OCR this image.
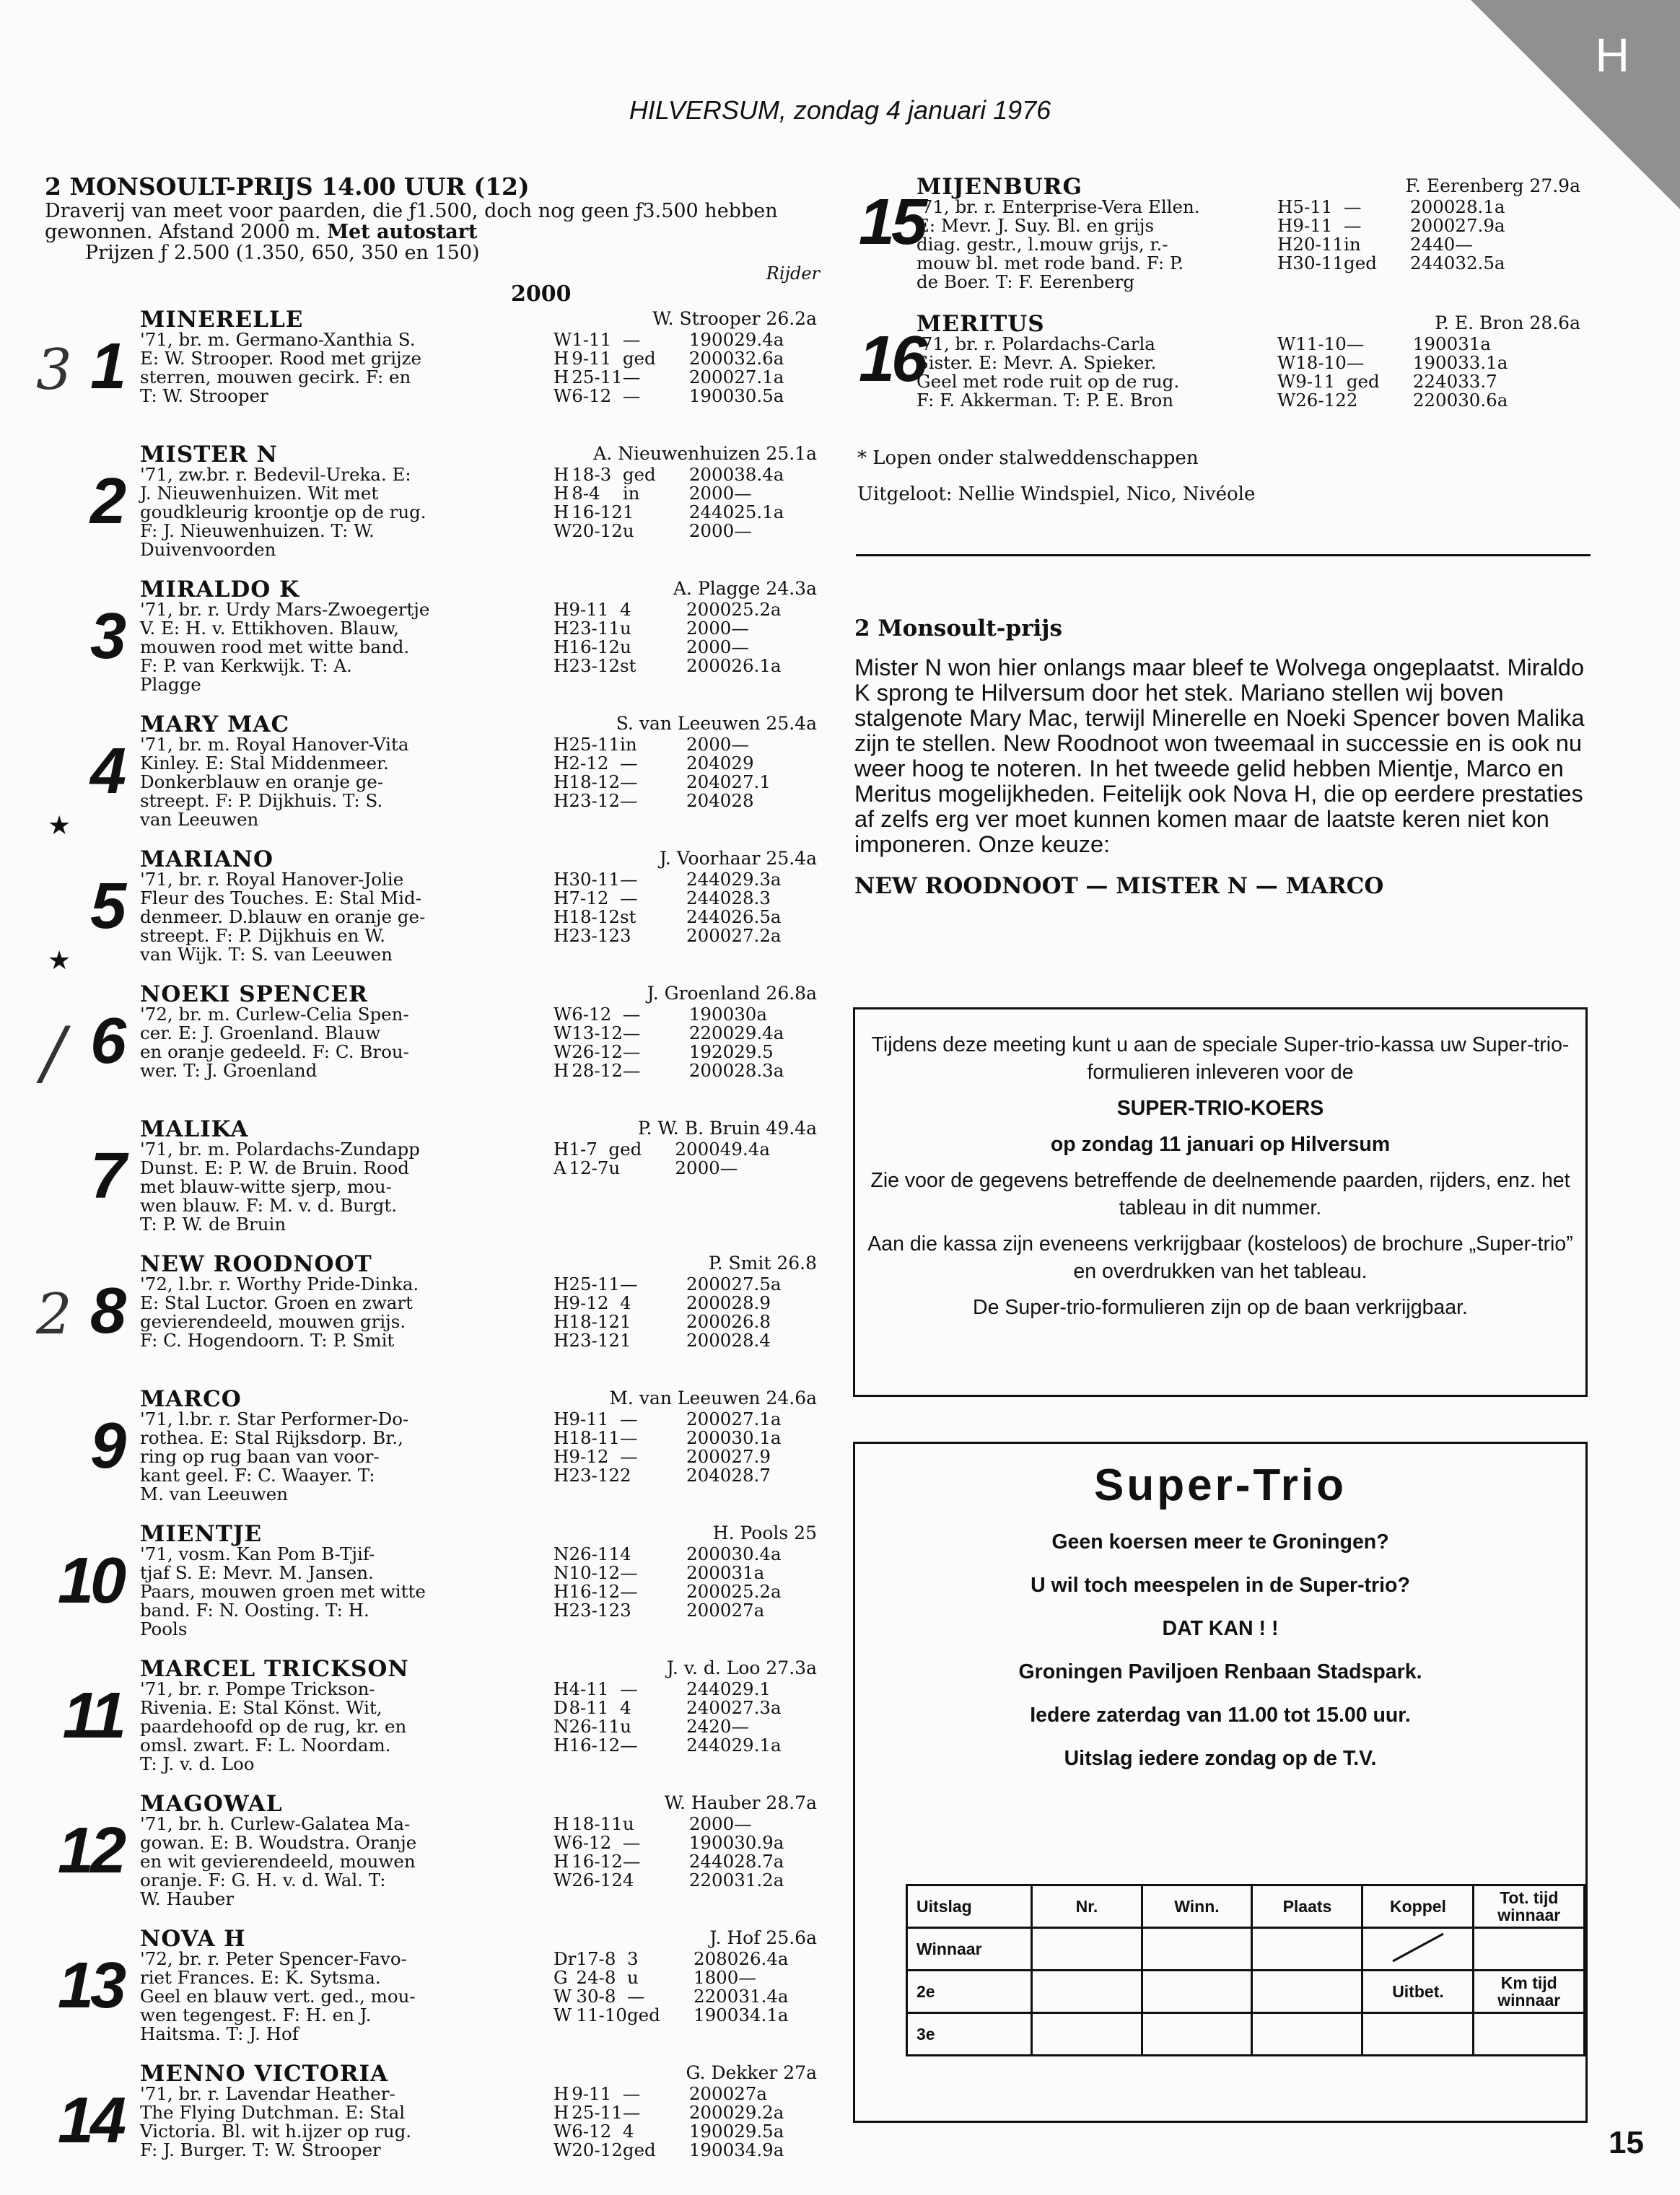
H
HILVERSUM, zondag 4 januari 1976
2 MONSOULT-PRIJS 14.00 UUR (12)
Draverij van meet voor paarden, die ƒ1.500, doch nog geen ƒ3.500 hebben gewonnen. Afstand 2000 m. Met autostart
Prijzen ƒ 2.500 (1.350, 650, 350 en 150)
Rijder
2000
1
3
MINERELLE	W. Strooper 26.2a
'71, br. m. Germano-Xanthia S.
E: W. Strooper. Rood met grijze
sterren, mouwen gecirk. F: en
T: W. Strooper
W	1-11	—	1900	29.4a
H	9-11	ged	2000	32.6a
H	25-11	—	2000	27.1a
W	6-12	—	1900	30.5a
2
MISTER N	A. Nieuwenhuizen 25.1a
'71, zw.br. r. Bedevil-Ureka. E:
J. Nieuwenhuizen. Wit met
goudkleurig kroontje op de rug.
F: J. Nieuwenhuizen. T: W.
Duivenvoorden
H	18-3	ged	2000	38.4a
H	8-4	in	2000	—
H	16-12	1	2440	25.1a
W	20-12	u	2000	—
3
MIRALDO K	A. Plagge 24.3a
'71, br. r. Urdy Mars-Zwoegertje
V. E: H. v. Ettikhoven. Blauw,
mouwen rood met witte band.
F: P. van Kerkwijk. T: A.
Plagge
H	9-11	4	2000	25.2a
H	23-11	u	2000	—
H	16-12	u	2000	—
H	23-12	st	2000	26.1a
4
★
MARY MAC	S. van Leeuwen 25.4a
'71, br. m. Royal Hanover-Vita
Kinley. E: Stal Middenmeer.
Donkerblauw en oranje ge-
streept. F: P. Dijkhuis. T: S.
van Leeuwen
H	25-11	in	2000	—
H	2-12	—	2040	29
H	18-12	—	2040	27.1
H	23-12	—	2040	28
5
★
MARIANO	J. Voorhaar 25.4a
'71, br. r. Royal Hanover-Jolie
Fleur des Touches. E: Stal Mid-
denmeer. D.blauw en oranje ge-
streept. F: P. Dijkhuis en W.
van Wijk. T: S. van Leeuwen
H	30-11	—	2440	29.3a
H	7-12	—	2440	28.3
H	18-12	st	2440	26.5a
H	23-12	3	2000	27.2a
6
/
NOEKI SPENCER	J. Groenland 26.8a
'72, br. m. Curlew-Celia Spen-
cer. E: J. Groenland. Blauw
en oranje gedeeld. F: C. Brou-
wer. T: J. Groenland
W	6-12	—	1900	30a
W	13-12	—	2200	29.4a
W	26-12	—	1920	29.5
H	28-12	—	2000	28.3a
7
MALIKA	P. W. B. Bruin 49.4a
'71, br. m. Polardachs-Zundapp
Dunst. E: P. W. de Bruin. Rood
met blauw-witte sjerp, mou-
wen blauw. F: M. v. d. Burgt.
T: P. W. de Bruin
H	1-7	ged	2000	49.4a
A	12-7	u	2000	—
8
2
NEW ROODNOOT	P. Smit 26.8
'72, l.br. r. Worthy Pride-Dinka.
E: Stal Luctor. Groen en zwart
gevierendeeld, mouwen grijs.
F: C. Hogendoorn. T: P. Smit
H	25-11	—	2000	27.5a
H	9-12	4	2000	28.9
H	18-12	1	2000	26.8
H	23-12	1	2000	28.4
9
MARCO	M. van Leeuwen 24.6a
'71, l.br. r. Star Performer-Do-
rothea. E: Stal Rijksdorp. Br.,
ring op rug baan van voor-
kant geel. F: C. Waayer. T:
M. van Leeuwen
H	9-11	—	2000	27.1a
H	18-11	—	2000	30.1a
H	9-12	—	2000	27.9
H	23-12	2	2040	28.7
10
MIENTJE	H. Pools 25
'71, vosm. Kan Pom B-Tjif-
tjaf S. E: Mevr. M. Jansen.
Paars, mouwen groen met witte
band. F: N. Oosting. T: H.
Pools
N	26-11	4	2000	30.4a
N	10-12	—	2000	31a
H	16-12	—	2000	25.2a
H	23-12	3	2000	27a
11
MARCEL TRICKSON	J. v. d. Loo 27.3a
'71, br. r. Pompe Trickson-
Rivenia. E: Stal Könst. Wit,
paardehoofd op de rug, kr. en
omsl. zwart. F: L. Noordam.
T: J. v. d. Loo
H	4-11	—	2440	29.1
D	8-11	4	2400	27.3a
N	26-11	u	2420	—
H	16-12	—	2440	29.1a
12
MAGOWAL	W. Hauber 28.7a
'71, br. h. Curlew-Galatea Ma-
gowan. E: B. Woudstra. Oranje
en wit gevierendeeld, mouwen
oranje. F: G. H. v. d. Wal. T:
W. Hauber
H	18-11	u	2000	—
W	6-12	—	1900	30.9a
H	16-12	—	2440	28.7a
W	26-12	4	2200	31.2a
13
NOVA H	J. Hof 25.6a
'72, br. r. Peter Spencer-Favo-
riet Frances. E: K. Sytsma.
Geel en blauw vert. ged., mou-
wen tegengest. F: H. en J.
Haitsma. T: J. Hof
Dr	17-8	3	2080	26.4a
G	24-8	u	1800	—
W	30-8	—	2200	31.4a
W	11-10	ged	1900	34.1a
14
MENNO VICTORIA	G. Dekker 27a
'71, br. r. Lavendar Heather-
The Flying Dutchman. E: Stal
Victoria. Bl. wit h.ijzer op rug.
F: J. Burger. T: W. Strooper
H	9-11	—	2000	27a
H	25-11	—	2000	29.2a
W	6-12	4	1900	29.5a
W	20-12	ged	1900	34.9a
15
MIJENBURG	F. Eerenberg 27.9a
'71, br. r. Enterprise-Vera Ellen.
E: Mevr. J. Suy. Bl. en grijs
diag. gestr., l.mouw grijs, r.-
mouw bl. met rode band. F: P.
de Boer. T: F. Eerenberg
H	5-11	—	2000	28.1a
H	9-11	—	2000	27.9a
H	20-11	in	2440	—
H	30-11	ged	2440	32.5a
16
MERITUS	P. E. Bron 28.6a
'71, br. r. Polardachs-Carla
Sister. E: Mevr. A. Spieker.
Geel met rode ruit op de rug.
F: F. Akkerman. T: P. E. Bron
W	11-10	—	1900	31a
W	18-10	—	1900	33.1a
W	9-11	ged	2240	33.7
W	26-12	2	2200	30.6a
* Lopen onder stalweddenschappen
Uitgeloot: Nellie Windspiel, Nico, Nivéole
2 Monsoult-prijs
Mister N won hier onlangs maar bleef te Wolvega ongeplaatst. Miraldo K sprong te Hilversum door het stek. Mariano stellen wij boven stalgenote Mary Mac, terwijl Minerelle en Noeki Spencer boven Malika zijn te stellen. New Roodnoot won tweemaal in successie en is ook nu weer hoog te noteren. In het tweede gelid hebben Mientje, Marco en Meritus mogelijkheden. Feitelijk ook Nova H, die op eerdere prestaties af zelfs erg ver moet kunnen komen maar de laatste keren niet kon imponeren. Onze keuze:
NEW ROODNOOT — MISTER N — MARCO
Tijdens deze meeting kunt u aan de speciale Super-trio-kassa uw Super-trio-formulieren inleveren voor de
SUPER-TRIO-KOERS
op zondag 11 januari op Hilversum
Zie voor de gegevens betreffende de deelnemende paarden, rijders, enz. het tableau in dit nummer.
Aan die kassa zijn eveneens verkrijgbaar (kosteloos) de brochure „Super-trio” en overdrukken van het tableau.
De Super-trio-formulieren zijn op de baan verkrijgbaar.
Super-Trio
Geen koersen meer te Groningen?
U wil toch meespelen in de Super-trio?
DAT KAN ! !
Groningen Paviljoen Renbaan Stadspark.
Iedere zaterdag van 11.00 tot 15.00 uur.
Uitslag iedere zondag op de T.V.
Uitslag	Nr.	Winn.	Plaats	Koppel	Tot. tijd winnaar
Winnaar					
2e				Uitbet.	Km tijd winnaar
3e					
15
